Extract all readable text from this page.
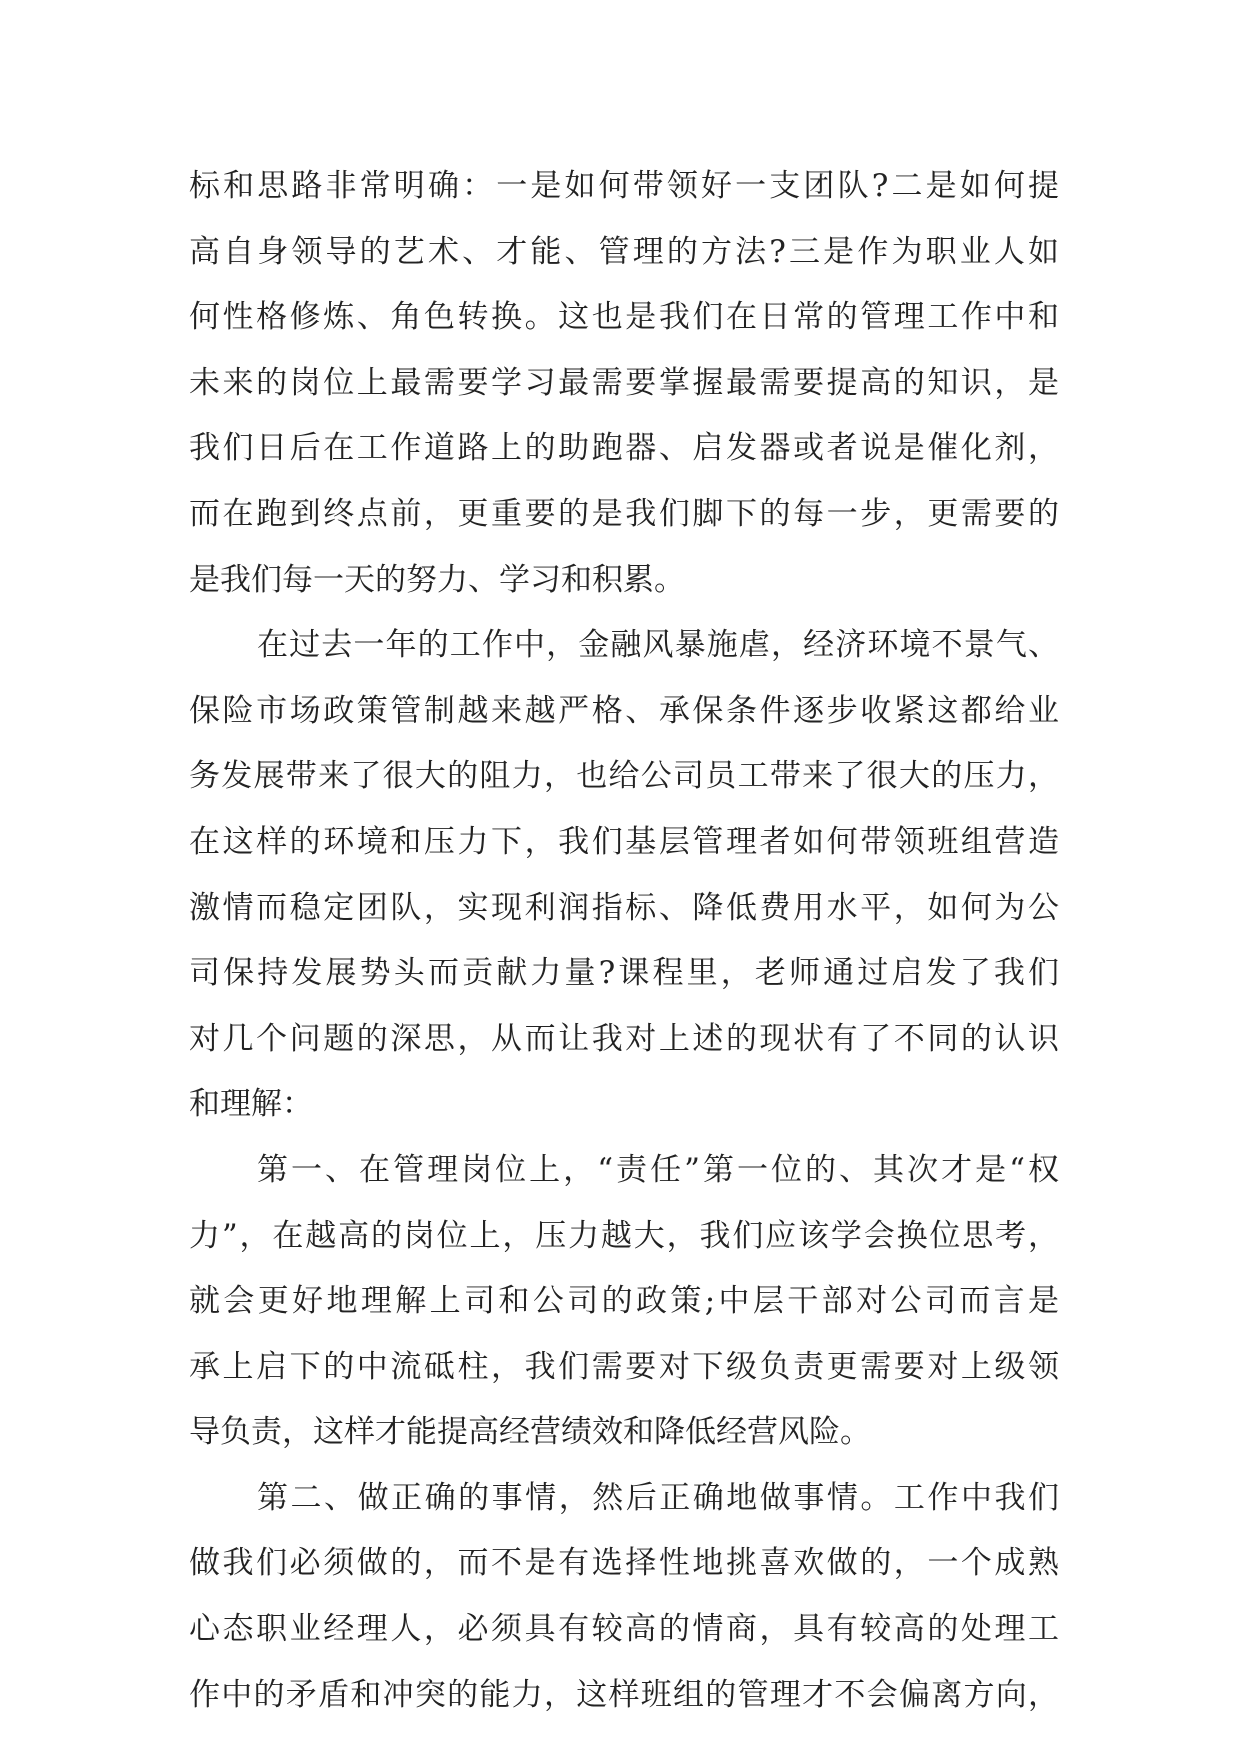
标和思路非常明确：一是如何带领好一支团队?二是如何提
高自身领导的艺术、才能、管理的方法?三是作为职业人如
何性格修炼、角色转换。这也是我们在日常的管理工作中和
未来的岗位上最需要学习最需要掌握最需要提高的知识，是
我们日后在工作道路上的助跑器、启发器或者说是催化剂，
而在跑到终点前，更重要的是我们脚下的每一步，更需要的
是我们每一天的努力、学习和积累。

在过去一年的工作中，金融风暴施虐，经济环境不景气、
保险市场政策管制越来越严格、承保条件逐步收紧这都给业
务发展带来了很大的阻力，也给公司员工带来了很大的压力，
在这样的环境和压力下，我们基层管理者如何带领班组营造
激情而稳定团队，实现利润指标、降低费用水平，如何为公
司保持发展势头而贡献力量?课程里，老师通过启发了我们
对几个问题的深思，从而让我对上述的现状有了不同的认识
和理解：

第一、在管理岗位上，“责任”第一位的、其次才是“权
力”，在越高的岗位上，压力越大，我们应该学会换位思考，
就会更好地理解上司和公司的政策;中层干部对公司而言是
承上启下的中流砥柱，我们需要对下级负责更需要对上级领
导负责，这样才能提高经营绩效和降低经营风险。

第二、做正确的事情，然后正确地做事情。工作中我们
做我们必须做的，而不是有选择性地挑喜欢做的，一个成熟
心态职业经理人，必须具有较高的情商，具有较高的处理工
作中的矛盾和冲突的能力，这样班组的管理才不会偏离方向，
